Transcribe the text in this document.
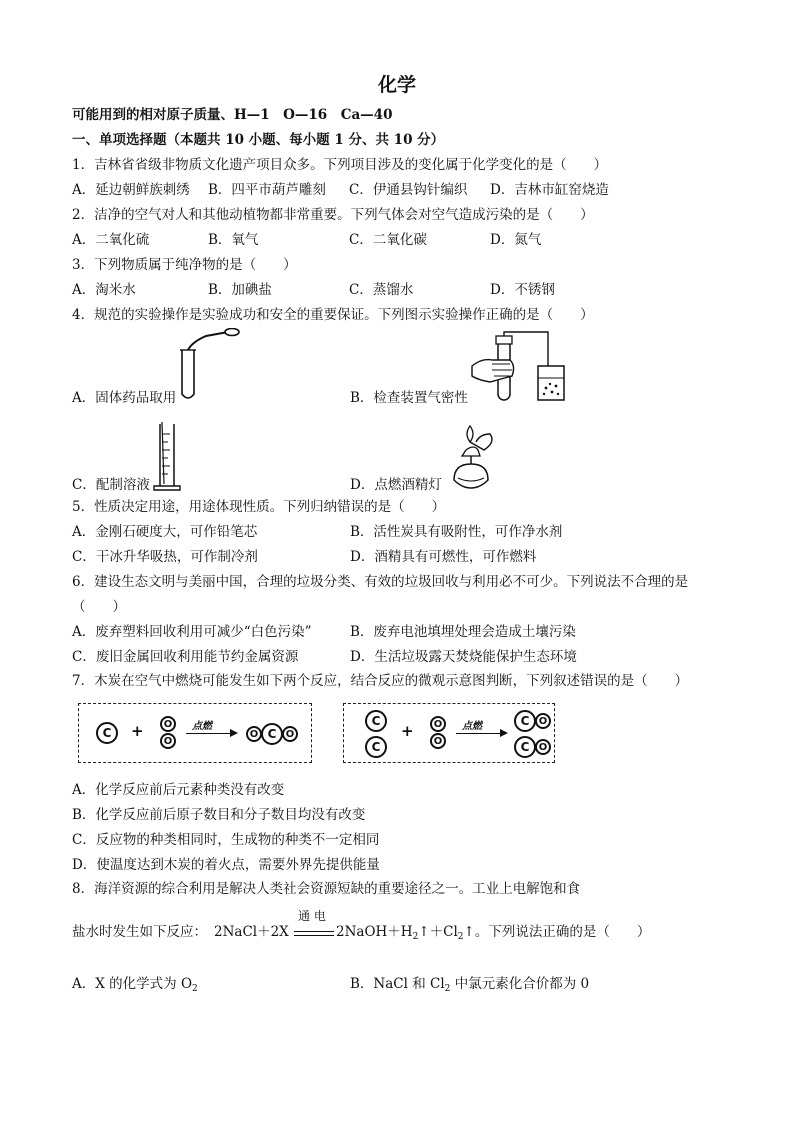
化学
可能用到的相对原子质量、H—1　O—16　Ca—40
一、单项选择题（本题共 10 小题、每小题 1 分、共 10 分）
1．吉林省省级非物质文化遗产项目众多。下列项目涉及的变化属于化学变化的是（　　）
A．延边朝鲜族刺绣 B．四平市葫芦雕刻 C．伊通县钩针编织 D．吉林市缸窑烧造
2．洁净的空气对人和其他动植物都非常重要。下列气体会对空气造成污染的是（　　）
A．二氧化硫	B．氧气	C．二氧化碳	D．氮气
3．下列物质属于纯净物的是（　　）
A．淘米水	B．加碘盐	C．蒸馏水	D．不锈钢
4．规范的实验操作是实验成功和安全的重要保证。下列图示实验操作正确的是（　　）
A．固体药品取用	B．检查装置气密性
C．配制溶液	D．点燃酒精灯
5．性质决定用途，用途体现性质。下列归纳错误的是（　　）
A．金刚石硬度大，可作铅笔芯	B．活性炭具有吸附性，可作净水剂
C．干冰升华吸热，可作制冷剂	D．酒精具有可燃性，可作燃料
6．建设生态文明与美丽中国，合理的垃圾分类、有效的垃圾回收与利用必不可少。下列说法不合理的是
（　　）
A．废弃塑料回收利用可减少“白色污染”	B．废弃电池填埋处理会造成土壤污染
C．废旧金属回收利用能节约金属资源	D．生活垃圾露天焚烧能保护生态环境
7．木炭在空气中燃烧可能发生如下两个反应，结合反应的微观示意图判断，下列叙述错误的是（　　）
C + O
O
点燃
→ O C O
C
C
+ O
O
点燃	C O
C O
A．化学反应前后元素种类没有改变
B．化学反应前后原子数目和分子数目均没有改变
C．反应物的种类相同时，生成物的种类不一定相同
D．使温度达到木炭的着火点，需要外界先提供能量
8．海洋资源的综合利用是解决人类社会资源短缺的重要途径之一。工业上电解饱和食
盐水时发生如下反应： 2NaCl＋2X
通 电
$2NaOH+H_2↑+Cl_2↑$。下列说法正确的是（　　）
A．X 的化学式为 $O_2$	B．NaCl 和 $Cl_2$ 中氯元素化合价都为 0
